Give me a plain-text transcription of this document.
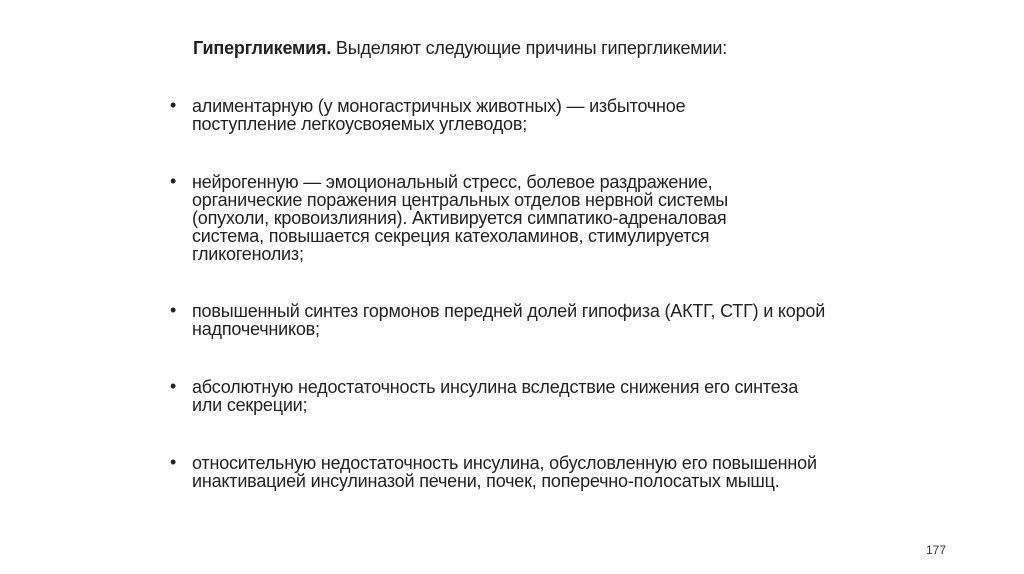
Гипергликемия. Выделяют следующие причины гипергликемии:
• алиментарную (у моногастричных животных) — избыточное поступление легкоусвояемых углеводов;
• нейрогенную — эмоциональный стресс, болевое раздражение, органические поражения центральных отделов нервной системы (опухоли, кровоизлияния). Активируется симпатико-адреналовая система, повышается секреция катехоламинов, стимулируется гликогенолиз;
• повышенный синтез гормонов передней долей гипофиза (АКТГ, СТГ) и корой надпочечников;
• абсолютную недостаточность инсулина вследствие снижения его синтеза или секреции;
• относительную недостаточность инсулина, обусловленную его повышенной инактивацией инсулиназой печени, почек, поперечно-полосатых мышц.
177
